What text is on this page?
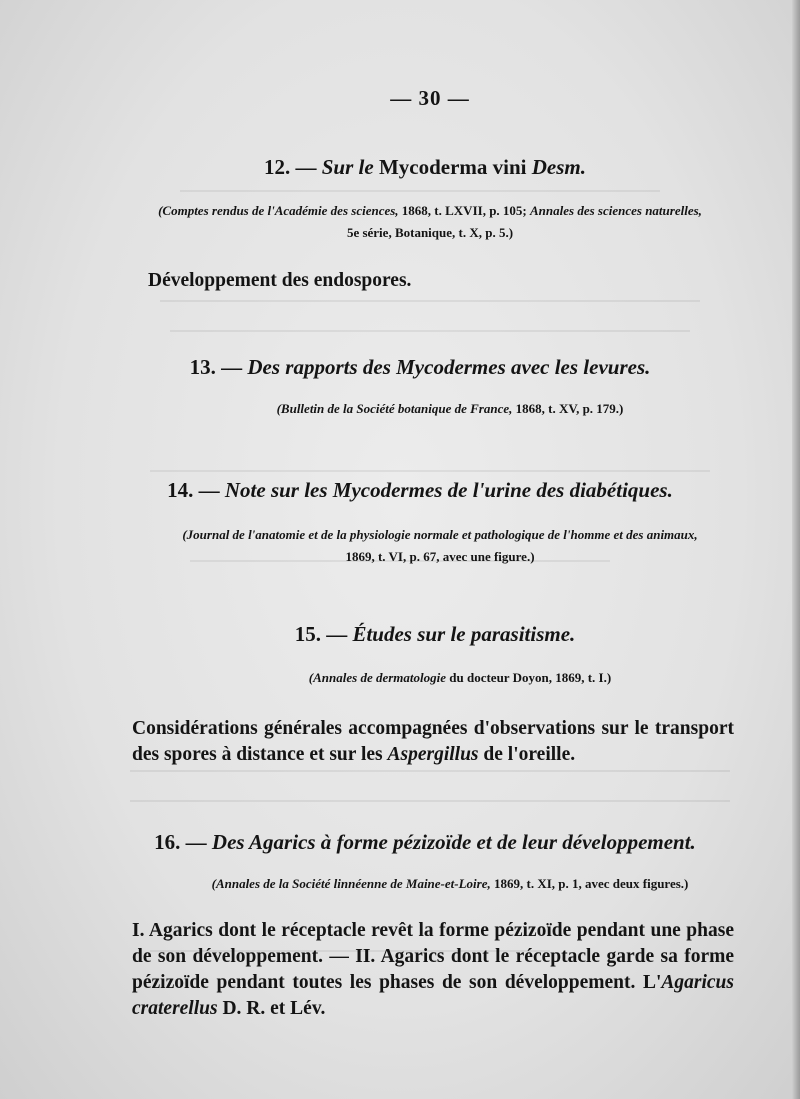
— 30 —
12. — Sur le Mycoderma vini Desm.
(Comptes rendus de l'Académie des sciences, 1868, t. LXVII, p. 105; Annales des sciences naturelles,
5e série, Botanique, t. X, p. 5.)
Développement des endospores.
13. — Des rapports des Mycodermes avec les levures.
(Bulletin de la Société botanique de France, 1868, t. XV, p. 179.)
14. — Note sur les Mycodermes de l'urine des diabétiques.
(Journal de l'anatomie et de la physiologie normale et pathologique de l'homme et des animaux,
1869, t. VI, p. 67, avec une figure.)
15. — Études sur le parasitisme.
(Annales de dermatologie du docteur Doyon, 1869, t. I.)
Considérations générales accompagnées d'observations sur le transport des spores à distance et sur les Aspergillus de l'oreille.
16. — Des Agarics à forme pézizoïde et de leur développement.
(Annales de la Société linnéenne de Maine-et-Loire, 1869, t. XI, p. 1, avec deux figures.)
I. Agarics dont le réceptacle revêt la forme pézizoïde pendant une phase de son développement. — II. Agarics dont le réceptacle garde sa forme pézizoïde pendant toutes les phases de son développement. L'Agaricus craterellus D. R. et Lév.
